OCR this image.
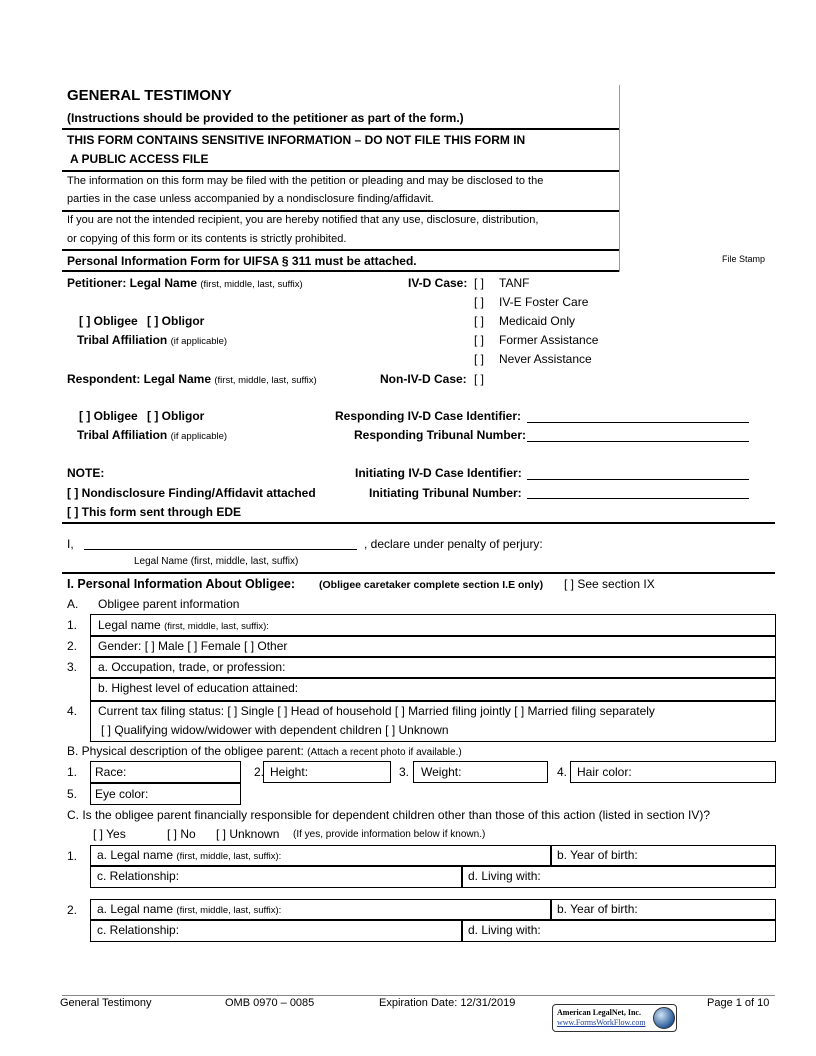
GENERAL TESTIMONY
(Instructions should be provided to the petitioner as part of the form.)
THIS FORM CONTAINS SENSITIVE INFORMATION – DO NOT FILE THIS FORM IN
A PUBLIC ACCESS FILE
The information on this form may be filed with the petition or pleading and may be disclosed to the
parties in the case unless accompanied by a nondisclosure finding/affidavit.
If you are not the intended recipient, you are hereby notified that any use, disclosure, distribution,
or copying of this form or its contents is strictly prohibited.
Personal Information Form for UIFSA § 311 must be attached.	File Stamp
Petitioner: Legal Name (first, middle, last, suffix)
[ ] Obligee [ ] Obligor
Tribal Affiliation (if applicable)
IV-D Case: [ ] TANF
[ ] IV-E Foster Care
[ ] Medicaid Only
[ ] Former Assistance
[ ] Never Assistance
Respondent: Legal Name (first, middle, last, suffix)	Non-IV-D Case: [ ]
[ ] Obligee [ ] Obligor
Tribal Affiliation (if applicable)
Responding IV-D Case Identifier:
Responding Tribunal Number:
NOTE:
[ ] Nondisclosure Finding/Affidavit attached
[ ] This form sent through EDE
Initiating IV-D Case Identifier:
Initiating Tribunal Number:
I,	, declare under penalty of perjury:
Legal Name (first, middle, last, suffix)
I. Personal Information About Obligee: (Obligee caretaker complete section I.E only) [ ] See section IX
A. Obligee parent information
1. Legal name (first, middle, last, suffix):
2. Gender: [ ] Male [ ] Female [ ] Other
3. a. Occupation, trade, or profession:
b. Highest level of education attained:
4. Current tax filing status: [ ] Single [ ] Head of household [ ] Married filing jointly [ ] Married filing separately
[ ] Qualifying widow/widower with dependent children [ ] Unknown
B. Physical description of the obligee parent: (Attach a recent photo if available.)
1. Race:	2. Height:	3. Weight:	4. Hair color:
5. Eye color:
C. Is the obligee parent financially responsible for dependent children other than those of this action (listed in section IV)?
[ ] Yes	[ ] No [ ] Unknown (If yes, provide information below if known.)
1. a. Legal name (first, middle, last, suffix):	b. Year of birth:
c. Relationship:	d. Living with:
2. a. Legal name (first, middle, last, suffix):	b. Year of birth:
c. Relationship:	d. Living with:
General Testimony	OMB 0970 – 0085	Expiration Date: 12/31/2019	Page 1 of 10
American LegalNet, Inc.
www.FormsWorkFlow.com
